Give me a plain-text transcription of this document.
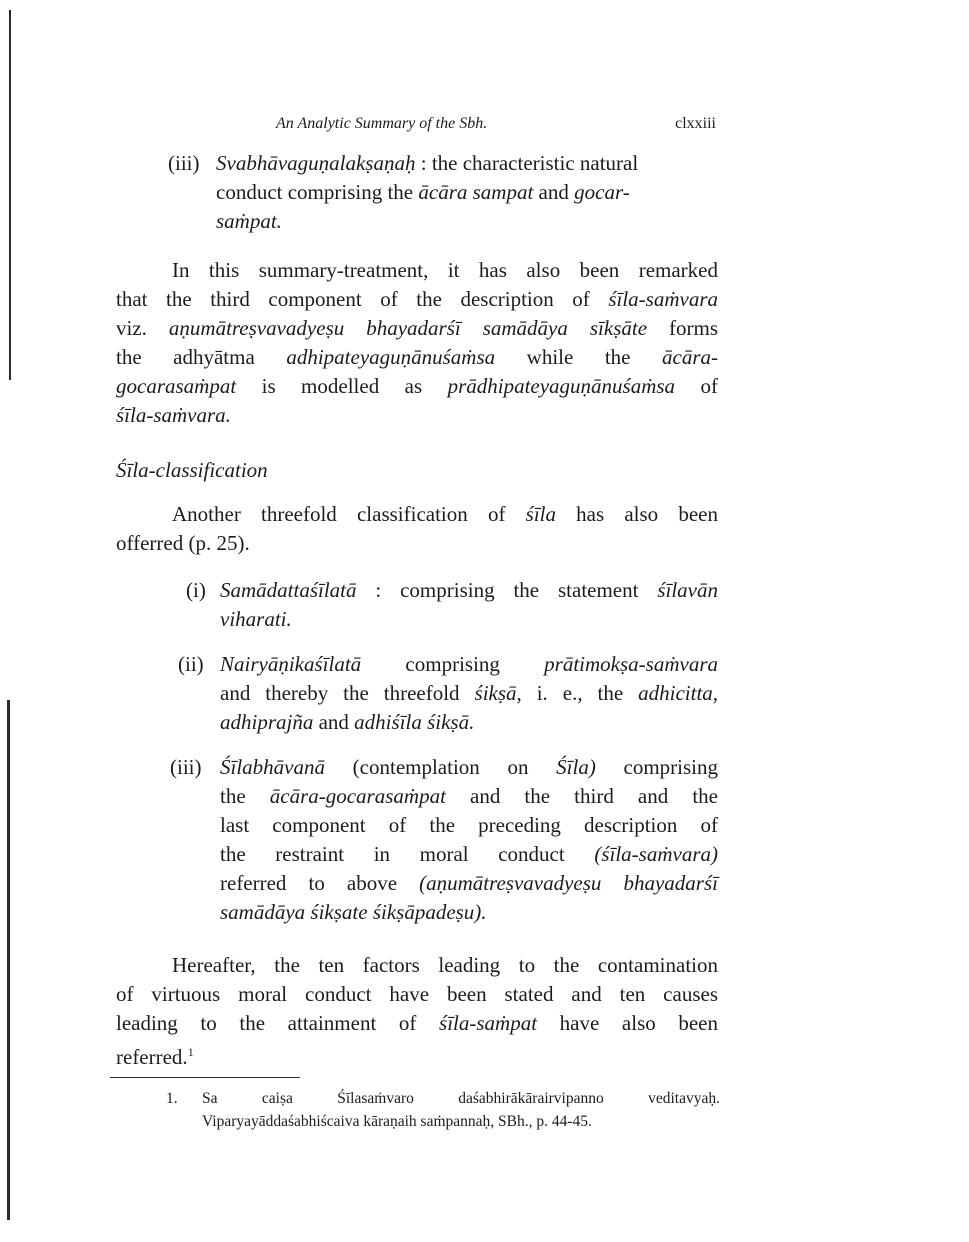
An Analytic Summary of the Sbh.	clxxiii
(iii) Svabhāvaguṇalakṣaṇaḥ : the characteristic natural
conduct comprising the ācāra sampat and gocar-
saṁpat.
In this summary-treatment, it has also been remarked
that the third component of the description of śīla-saṁvara
viz. aṇumātreṣvavadyeṣu bhayadarśī samādāya sīkṣāte forms
the adhyātma adhipateyaguṇānuśaṁsa while the ācāra-
gocarasaṁpat is modelled as prādhipateyaguṇānuśaṁsa of
śīla-saṁvara.
Śīla-classification
Another threefold classification of śīla has also been
offerred (p. 25).
(i) Samādattaśīlatā : comprising the statement śīlavān
viharati.
(ii) Nairyāṇikaśīlatā comprising prātimokṣa-saṁvara
and thereby the threefold śikṣā, i. e., the adhicitta,
adhiprajña and adhiśīla śikṣā.
(iii) Śīlabhāvanā (contemplation on Śīla) comprising
the ācāra-gocarasaṁpat and the third and the
last component of the preceding description of
the restraint in moral conduct (śīla-saṁvara)
referred to above (aṇumātreṣvavadyeṣu bhayadarśī
samādāya śikṣate śikṣāpadeṣu).
Hereafter, the ten factors leading to the contamination
of virtuous moral conduct have been stated and ten causes
leading to the attainment of śīla-saṁpat have also been
referred.$^1$
1. Sa caiṣa Śīlasaṁvaro daśabhirākārairvipanno veditavyaḥ.
Viparyayāddaśabhiścaiva kāraṇaih saṁpannaḥ, SBh., p. 44-45.
